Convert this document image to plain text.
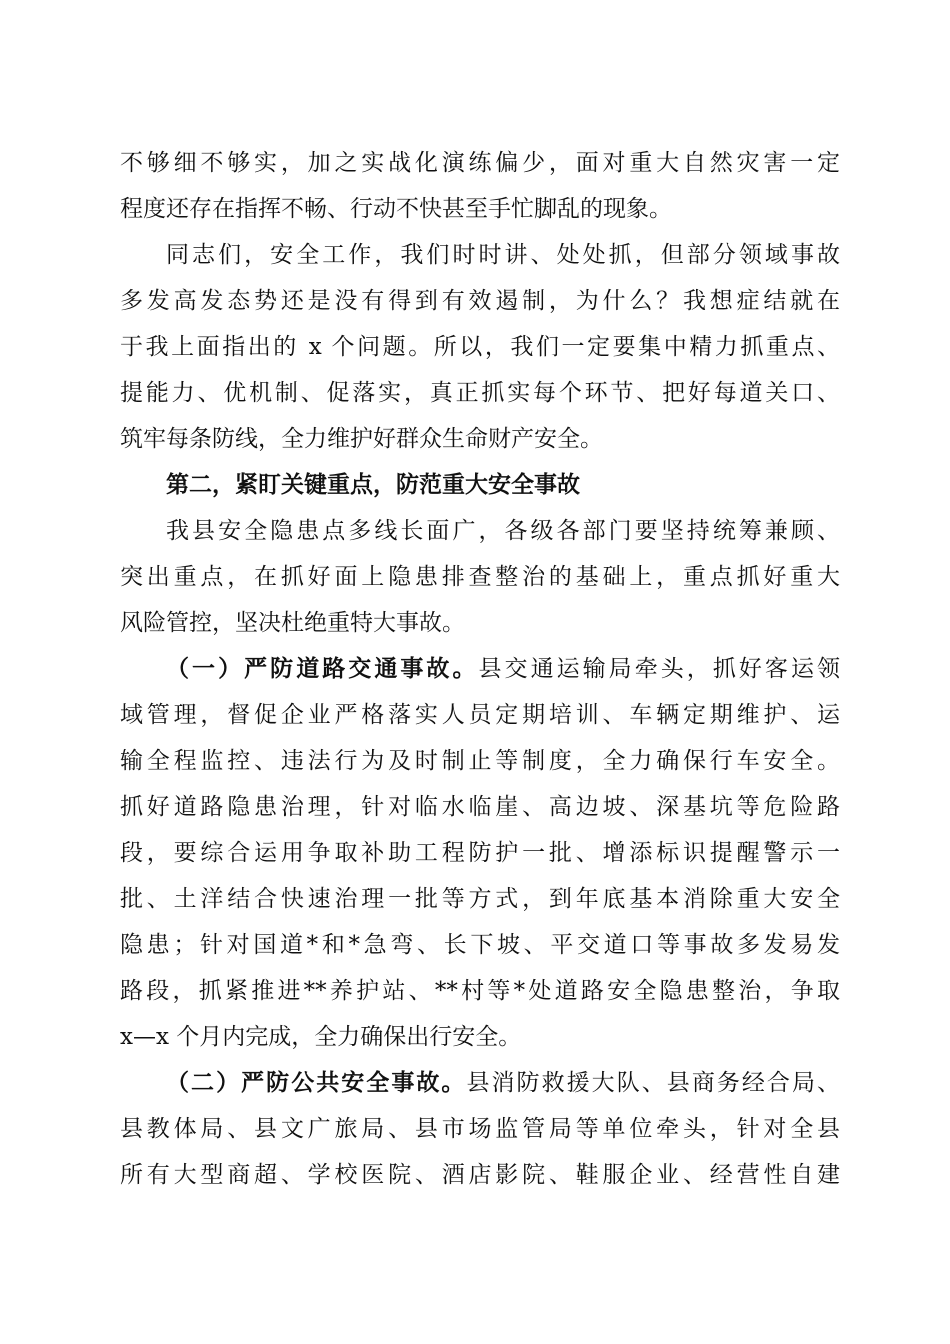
不够细不够实，加之实战化演练偏少，面对重大自然灾害一定
程度还存在指挥不畅、行动不快甚至手忙脚乱的现象。
同志们，安全工作，我们时时讲、处处抓，但部分领域事故
多发高发态势还是没有得到有效遏制，为什么？我想症结就在
于我上面指出的 x 个问题。所以，我们一定要集中精力抓重点、
提能力、优机制、促落实，真正抓实每个环节、把好每道关口、
筑牢每条防线，全力维护好群众生命财产安全。
第二，紧盯关键重点，防范重大安全事故
我县安全隐患点多线长面广，各级各部门要坚持统筹兼顾、
突出重点，在抓好面上隐患排查整治的基础上，重点抓好重大
风险管控，坚决杜绝重特大事故。
（一）严防道路交通事故。县交通运输局牵头，抓好客运领
域管理，督促企业严格落实人员定期培训、车辆定期维护、运
输全程监控、违法行为及时制止等制度，全力确保行车安全。
抓好道路隐患治理，针对临水临崖、高边坡、深基坑等危险路
段，要综合运用争取补助工程防护一批、增添标识提醒警示一
批、土洋结合快速治理一批等方式，到年底基本消除重大安全
隐患；针对国道*和*急弯、长下坡、平交道口等事故多发易发
路段，抓紧推进**养护站、**村等*处道路安全隐患整治，争取
x—x 个月内完成，全力确保出行安全。
（二）严防公共安全事故。县消防救援大队、县商务经合局、
县教体局、县文广旅局、县市场监管局等单位牵头，针对全县
所有大型商超、学校医院、酒店影院、鞋服企业、经营性自建
